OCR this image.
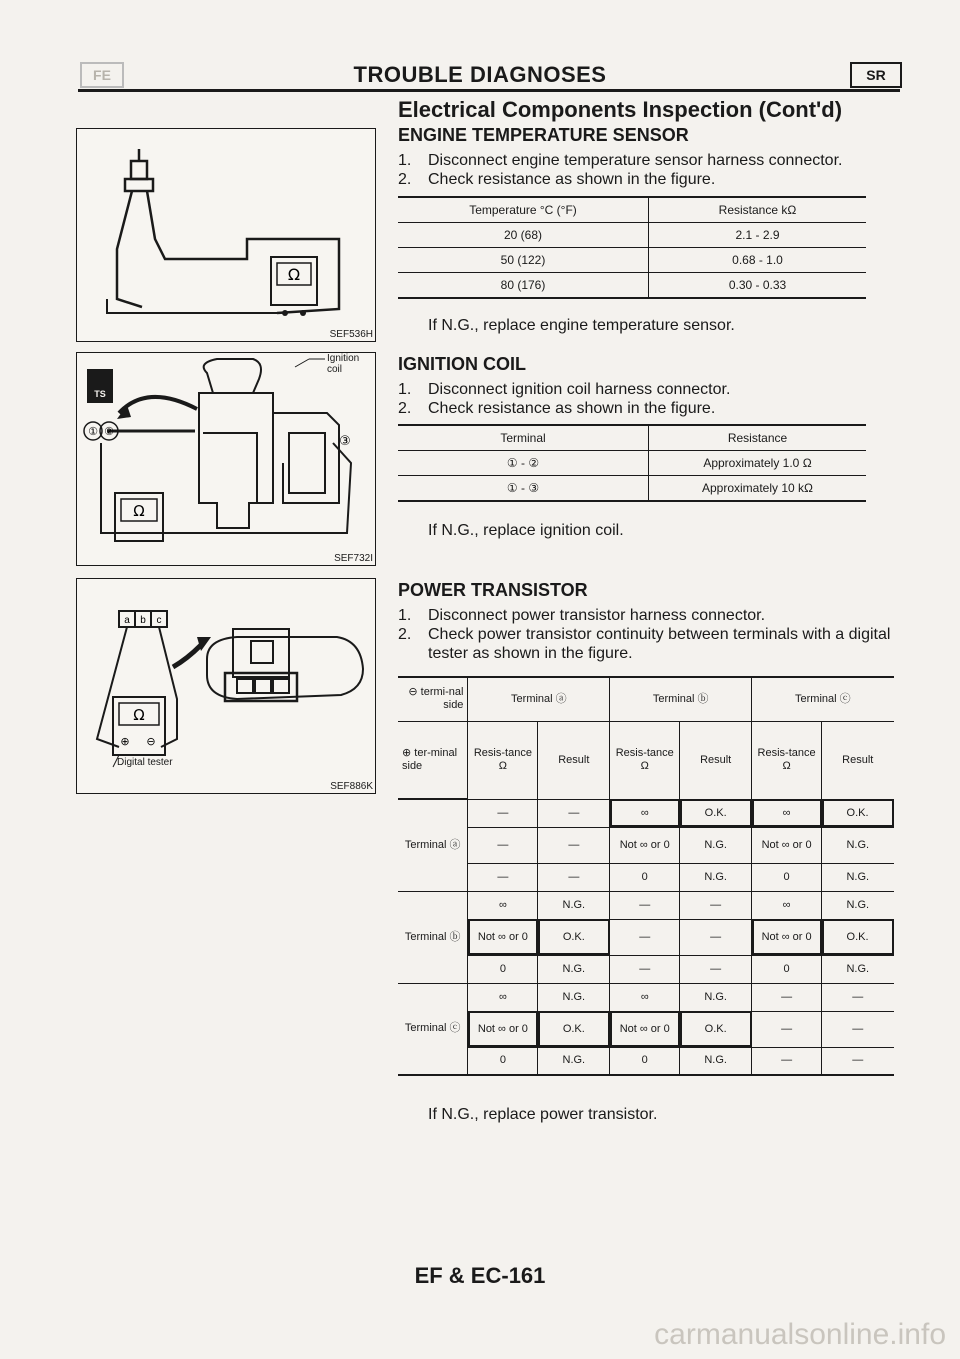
FE	TROUBLE DIAGNOSES	SR
Electrical Components Inspection (Cont'd)
ENGINE TEMPERATURE SENSOR
1. Disconnect engine temperature sensor harness connector.
2. Check resistance as shown in the figure.
Temperature °C (°F)	Resistance kΩ
20 (68)	2.1 - 2.9
50 (122)	0.68 - 1.0
80 (176)	0.30 - 0.33
If N.G., replace engine temperature sensor.
Ω
SEF536H
IGNITION COIL
1. Disconnect ignition coil harness connector.
2. Check resistance as shown in the figure.
Terminal	Resistance
① - ②	Approximately 1.0 Ω
① - ③	Approximately 10 kΩ
If N.G., replace ignition coil.
TS
① ②
③
Ω
Ignition coil
SEF732I
POWER TRANSISTOR
1. Disconnect power transistor harness connector.
2. Check power transistor continuity between terminals with a digital tester as shown in the figure.
a b c
Ω
⊕ ⊖
Digital tester
SEF886K
⊖ termi-nal side	Terminal ⓐ		Terminal ⓑ		Terminal ⓒ	
⊕ ter-minal side	Resis-tance Ω	Result	Resis-tance Ω	Result	Resis-tance Ω	Result
Terminal ⓐ	—	—	∞	O.K.	∞	O.K.
	—	—	Not ∞ or 0	N.G.	Not ∞ or 0	N.G.
	—	—	0	N.G.	0	N.G.
Terminal ⓑ	∞	N.G.	—	—	∞	N.G.
	Not ∞ or 0	O.K.	—	—	Not ∞ or 0	O.K.
	0	N.G.	—	—	0	N.G.
Terminal ⓒ	∞	N.G.	∞	N.G.	—	—
	Not ∞ or 0	O.K.	Not ∞ or 0	O.K.	—	—
	0	N.G.	0	N.G.	—	—
If N.G., replace power transistor.
EF & EC-161
carmanualsonline.info
